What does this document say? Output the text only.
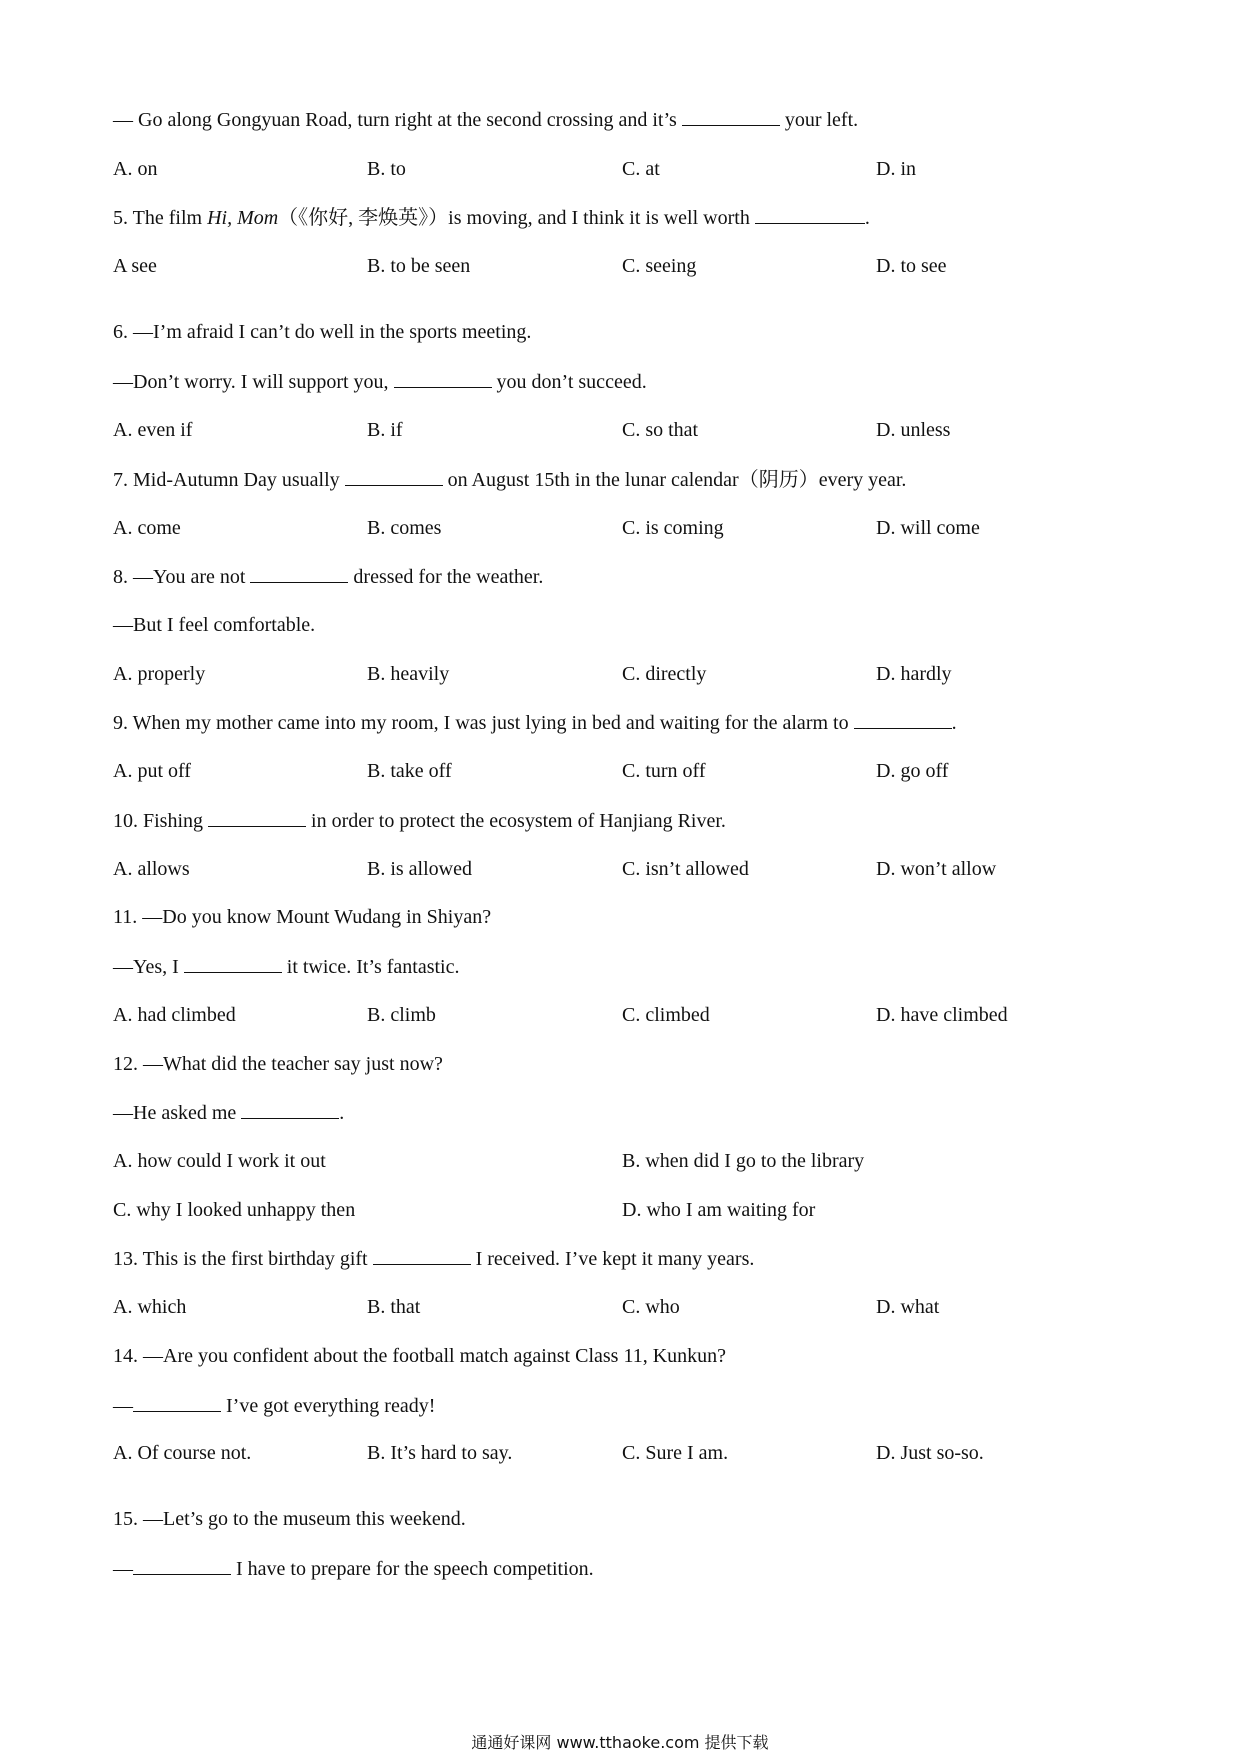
— Go along Gongyuan Road, turn right at the second crossing and it’s	your left.
A. on	B. to	C. at	D. in
5. The film Hi, Mom（《你好, 李焕英》）is moving, and I think it is well worth	.
A see	B. to be seen	C. seeing	D. to see
6. —I’m afraid I can’t do well in the sports meeting.
—Don’t worry. I will support you,	you don’t succeed.
A. even if	B. if	C. so that	D. unless
7. Mid-Autumn Day usually	on August 15th in the lunar calendar（阴历）every year.
A. come	B. comes	C. is coming	D. will come
8. —You are not	dressed for the weather.
—But I feel comfortable.
A. properly	B. heavily	C. directly	D. hardly
9. When my mother came into my room, I was just lying in bed and waiting for the alarm to	.
A. put off	B. take off	C. turn off	D. go off
10. Fishing	in order to protect the ecosystem of Hanjiang River.
A. allows	B. is allowed	C. isn’t allowed	D. won’t allow
11. —Do you know Mount Wudang in Shiyan?
—Yes, I	it twice. It’s fantastic.
A. had climbed	B. climb	C. climbed	D. have climbed
12. —What did the teacher say just now?
—He asked me	.
A. how could I work it out	B. when did I go to the library
C. why I looked unhappy then	D. who I am waiting for
13. This is the first birthday gift	I received. I’ve kept it many years.
A. which	B. that	C. who	D. what
14. —Are you confident about the football match against Class 11, Kunkun?
—	I’ve got everything ready!
A. Of course not.	B. It’s hard to say.	C. Sure I am.	D. Just so-so.
15. —Let’s go to the museum this weekend.
—	I have to prepare for the speech competition.
通通好课网 www.tthaoke.com 提供下载
